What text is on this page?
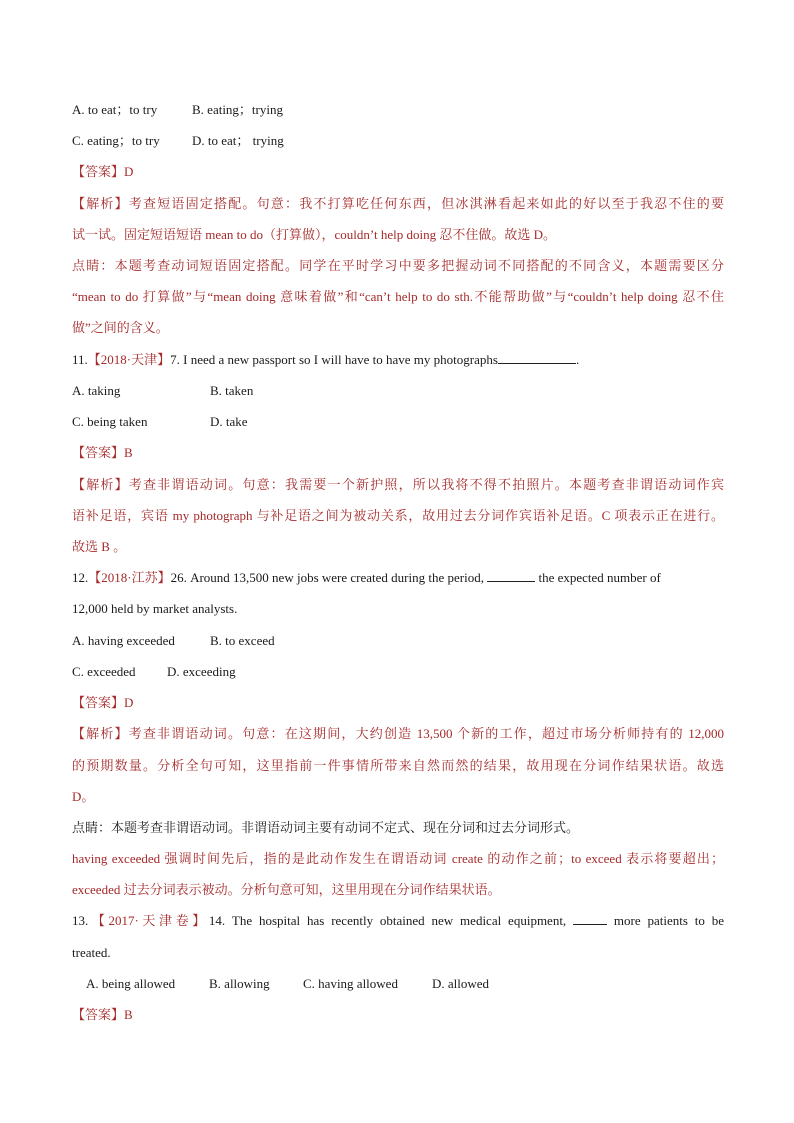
A. to eat；to try	B. eating；trying
C. eating；to try D. to eat； trying
【答案】D
【解析】考查短语固定搭配。句意：我不打算吃任何东西，但冰淇淋看起来如此的好以至于我忍不住的要
试一试。固定短语短语 mean to do（打算做），couldn’t help doing 忍不住做。故选 D。
点睛：本题考查动词短语固定搭配。同学在平时学习中要多把握动词不同搭配的不同含义，本题需要区分
“mean to do 打算做”与“mean doing 意味着做”和“can’t help to do sth.不能帮助做”与“couldn’t help doing 忍不住
做”之间的含义。
11.【2018·天津】7. I need a new passport so I will have to have my photographs	.
A. taking	B. taken
C. being taken	D. take
【答案】B
【解析】考查非谓语动词。句意：我需要一个新护照，所以我将不得不拍照片。本题考查非谓语动词作宾
语补足语，宾语 my photograph 与补足语之间为被动关系，故用过去分词作宾语补足语。C 项表示正在进行。
故选 B 。
12.【2018·江苏】26. Around 13,500 new jobs were created during the period,	the expected number of
12,000 held by market analysts.
A. having exceeded	B. to exceed
C. exceeded D. exceeding
【答案】D
【解析】考查非谓语动词。句意：在这期间，大约创造 13,500 个新的工作，超过市场分析师持有的 12,000
的预期数量。分析全句可知，这里指前一件事情所带来自然而然的结果，故用现在分词作结果状语。故选
D。
点睛：本题考查非谓语动词。非谓语动词主要有动词不定式、现在分词和过去分词形式。
having exceeded 强调时间先后，指的是此动作发生在谓语动词 create 的动作之前；to exceed 表示将要超出；
exceeded 过去分词表示被动。分析句意可知，这里用现在分词作结果状语。
13.【2017·天津卷】14. The hospital has recently obtained new medical equipment,	more patients to be
treated.
A. being allowed	B. allowing	C. having allowed	D. allowed
【答案】B
